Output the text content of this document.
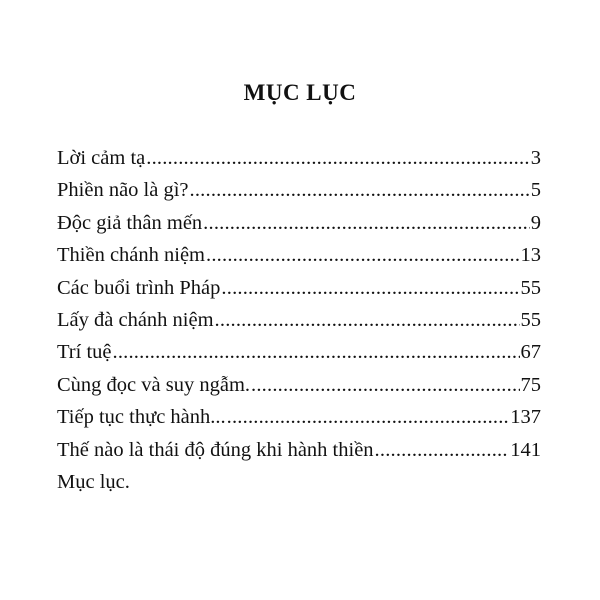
MỤC LỤC
Lời cảm tạ .....	3
Phiền não là gì? .....	5
Độc giả thân mến .....	9
Thiền chánh niệm .....	13
Các buổi trình Pháp .....	55
Lấy đà chánh niệm .....	55
Trí tuệ .....	67
Cùng đọc và suy ngẫm. .....	75
Tiếp tục thực hành... .....	137
Thế nào là thái độ đúng khi hành thiền .....	141
Mục lục.
